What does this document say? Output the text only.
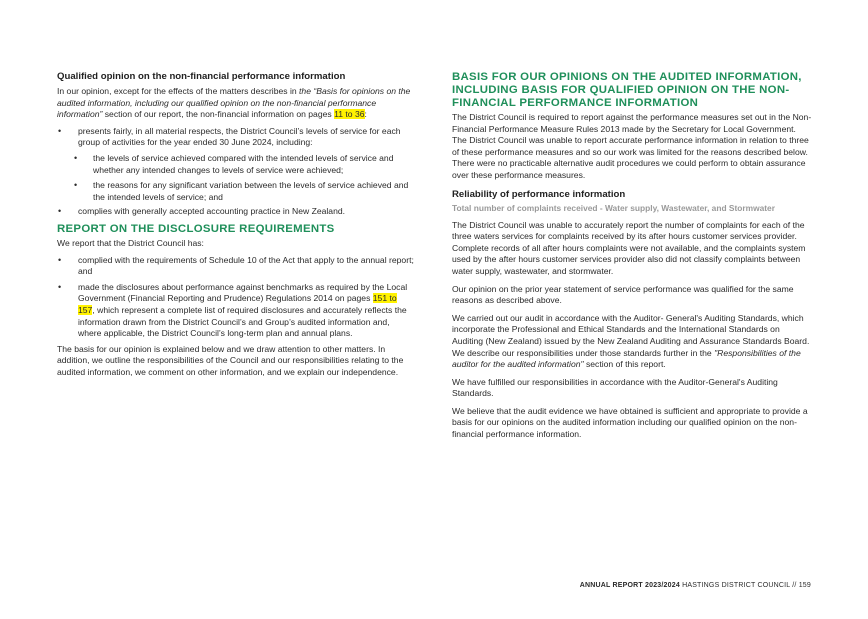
Qualified opinion on the non-financial performance information

In our opinion, except for the effects of the matters describes in the “Basis for opinions on the audited information, including our qualified opinion on the non-financial performance information” section of our report, the non-financial information on pages 11 to 36:

• presents fairly, in all material respects, the District Council’s levels of service for each group of activities for the year ended 30 June 2024, including:
• the levels of service achieved compared with the intended levels of service and whether any intended changes to levels of service were achieved;
• the reasons for any significant variation between the levels of service achieved and the intended levels of service; and
• complies with generally accepted accounting practice in New Zealand.

REPORT ON THE DISCLOSURE REQUIREMENTS

We report that the District Council has:

• complied with the requirements of Schedule 10 of the Act that apply to the annual report; and
• made the disclosures about performance against benchmarks as required by the Local Government (Financial Reporting and Prudence) Regulations 2014 on pages 151 to 157, which represent a complete list of required disclosures and accurately reflects the information drawn from the District Council’s and Group’s audited information and, where applicable, the District Council’s long-term plan and annual plans.

The basis for our opinion is explained below and we draw attention to other matters. In addition, we outline the responsibilities of the Council and our responsibilities relating to the audited information, we comment on other information, and we explain our independence.

BASIS FOR OUR OPINIONS ON THE AUDITED INFORMATION, INCLUDING BASIS FOR QUALIFIED OPINION ON THE NON-FINANCIAL PERFORMANCE INFORMATION

The District Council is required to report against the performance measures set out in the Non- Financial Performance Measure Rules 2013 made by the Secretary for Local Government. The District Council was unable to report accurate performance information in relation to three of these performance measures and so our work was limited for the reasons described below. There were no practicable alternative audit procedures we could perform to obtain assurance over these performance measures.

Reliability of performance information

Total number of complaints received - Water supply, Wastewater, and Stormwater

The District Council was unable to accurately report the number of complaints for each of the three waters services for complaints received by its after hours customer services provider. Complete records of all after hours complaints were not available, and the complaints system used by the after hours customer services provider also did not classify complaints between water supply, wastewater, and stormwater.

Our opinion on the prior year statement of service performance was qualified for the same reasons as described above.

We carried out our audit in accordance with the Auditor- General's Auditing Standards, which incorporate the Professional and Ethical Standards and the International Standards on Auditing (New Zealand) issued by the New Zealand Auditing and Assurance Standards Board. We describe our responsibilities under those standards further in the "Responsibilities of the auditor for the audited information" section of this report.

We have fulfilled our responsibilities in accordance with the Auditor-General's Auditing Standards.

We believe that the audit evidence we have obtained is sufficient and appropriate to provide a basis for our opinions on the audited information including our qualified opinion on the non-financial performance information.

ANNUAL REPORT 2023/2024 HASTINGS DISTRICT COUNCIL // 159
